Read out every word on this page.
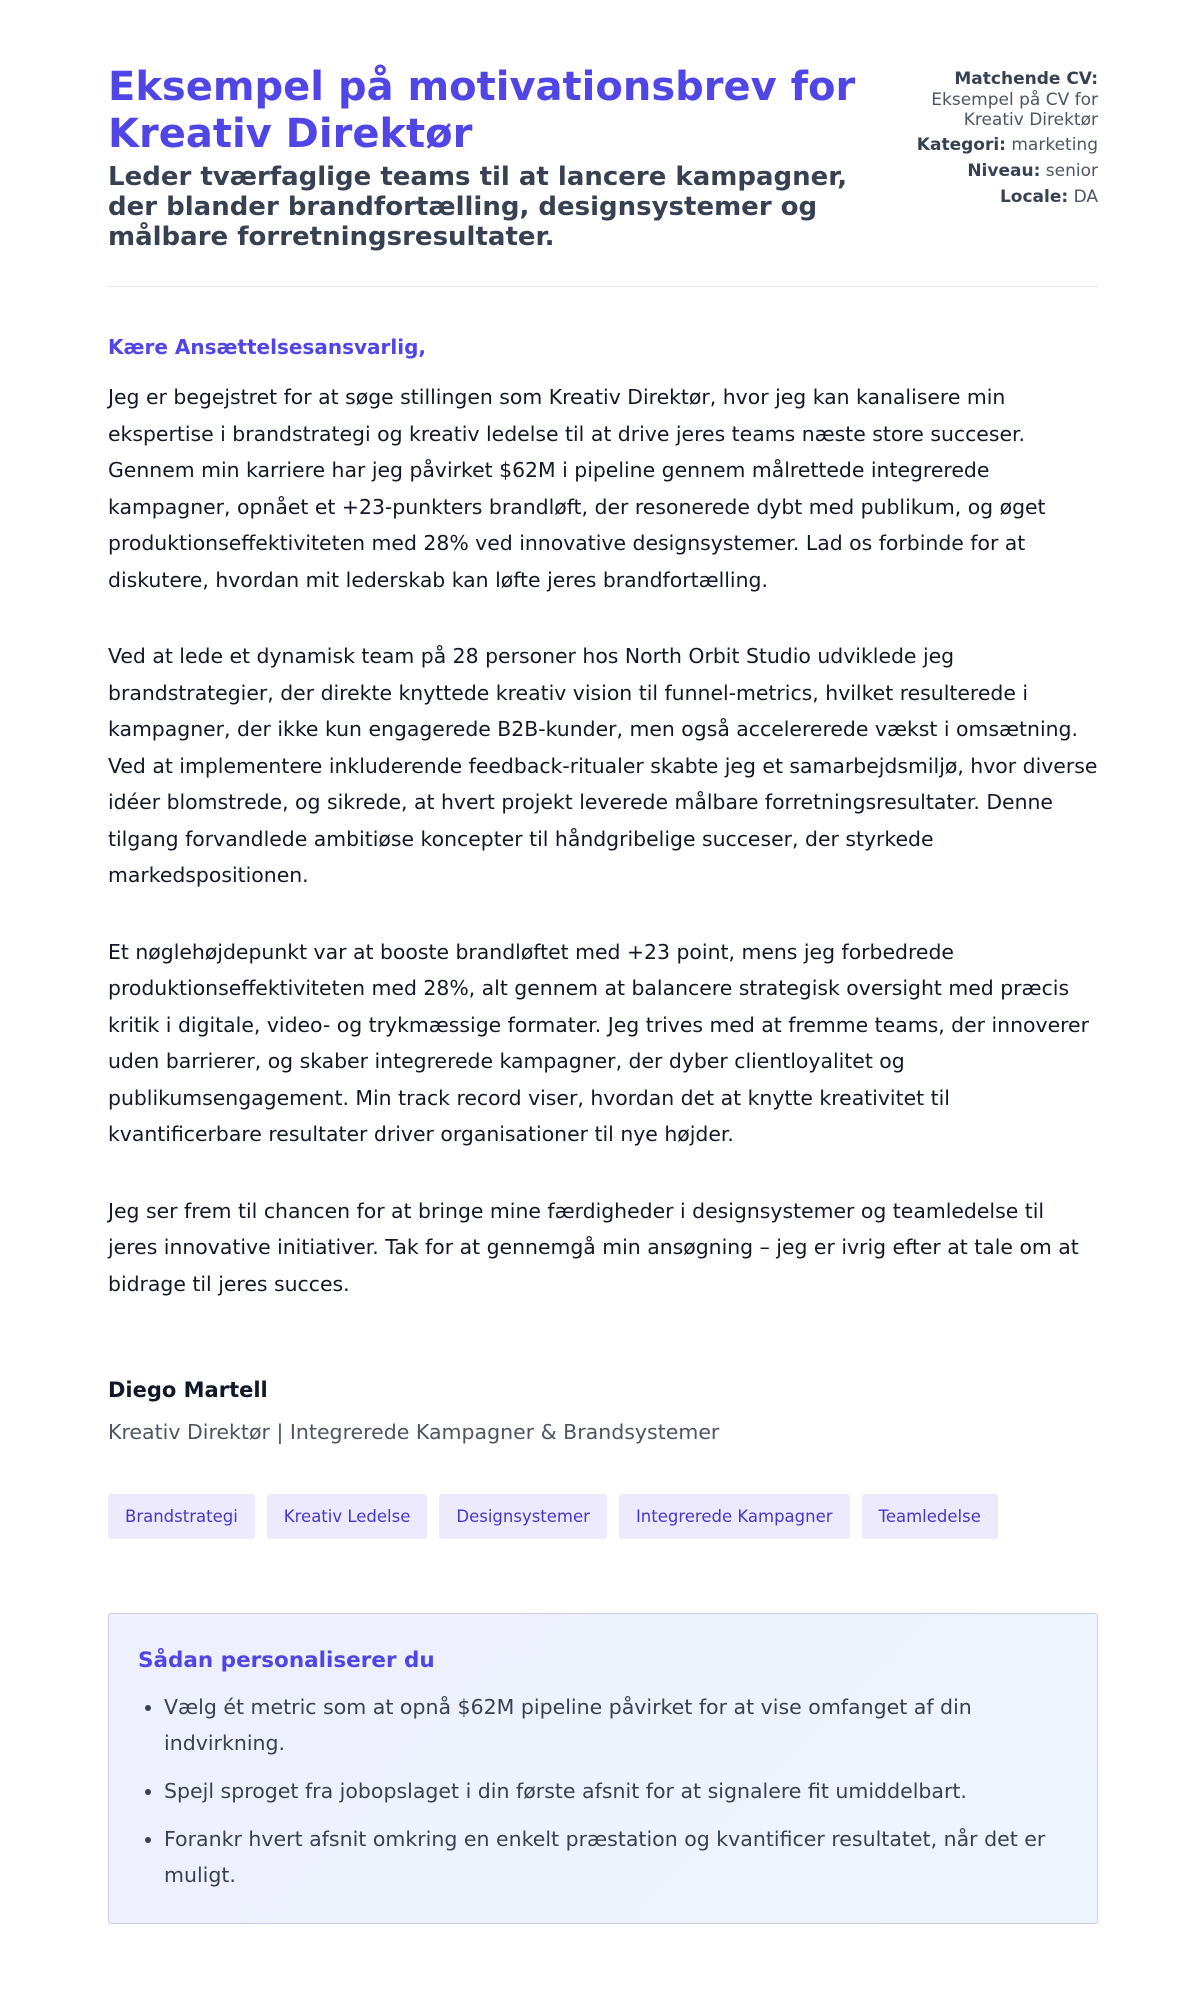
Eksempel på motivationsbrev for Kreativ Direktør
Leder tværfaglige teams til at lancere kampagner, der blander brandfortælling, designsystemer og målbare forretningsresultater.
Matchende CV:
Eksempel på CV for Kreativ Direktør
Kategori: marketing
Niveau: senior
Locale: DA

Kære Ansættelsesansvarlig,

Jeg er begejstret for at søge stillingen som Kreativ Direktør, hvor jeg kan kanalisere min ekspertise i brandstrategi og kreativ ledelse til at drive jeres teams næste store succeser. Gennem min karriere har jeg påvirket $62M i pipeline gennem målrettede integrerede kampagner, opnået et +23-punkters brandløft, der resonerede dybt med publikum, og øget produktionseffektiviteten med 28% ved innovative designsystemer. Lad os forbinde for at diskutere, hvordan mit lederskab kan løfte jeres brandfortælling.

Ved at lede et dynamisk team på 28 personer hos North Orbit Studio udviklede jeg brandstrategier, der direkte knyttede kreativ vision til funnel-metrics, hvilket resulterede i kampagner, der ikke kun engagerede B2B-kunder, men også accelererede vækst i omsætning. Ved at implementere inkluderende feedback-ritualer skabte jeg et samarbejdsmiljø, hvor diverse idéer blomstrede, og sikrede, at hvert projekt leverede målbare forretningsresultater. Denne tilgang forvandlede ambitiøse koncepter til håndgribelige succeser, der styrkede markedspositionen.

Et nøglehøjdepunkt var at booste brandløftet med +23 point, mens jeg forbedrede produktionseffektiviteten med 28%, alt gennem at balancere strategisk oversight med præcis kritik i digitale, video- og trykmæssige formater. Jeg trives med at fremme teams, der innoverer uden barrierer, og skaber integrerede kampagner, der dyber clientloyalitet og publikumsengagement. Min track record viser, hvordan det at knytte kreativitet til kvantificerbare resultater driver organisationer til nye højder.

Jeg ser frem til chancen for at bringe mine færdigheder i designsystemer og teamledelse til jeres innovative initiativer. Tak for at gennemgå min ansøgning – jeg er ivrig efter at tale om at bidrage til jeres succes.

Diego Martell

Kreativ Direktør | Integrerede Kampagner & Brandsystemer

Brandstrategi	Kreativ Ledelse	Designsystemer	Integrerede Kampagner	Teamledelse
Sådan personaliserer du
• Vælg ét metric som at opnå $62M pipeline påvirket for at vise omfanget af din indvirkning.
• Spejl sproget fra jobopslaget i din første afsnit for at signalere fit umiddelbart.
• Forankr hvert afsnit omkring en enkelt præstation og kvantificer resultatet, når det er muligt.
